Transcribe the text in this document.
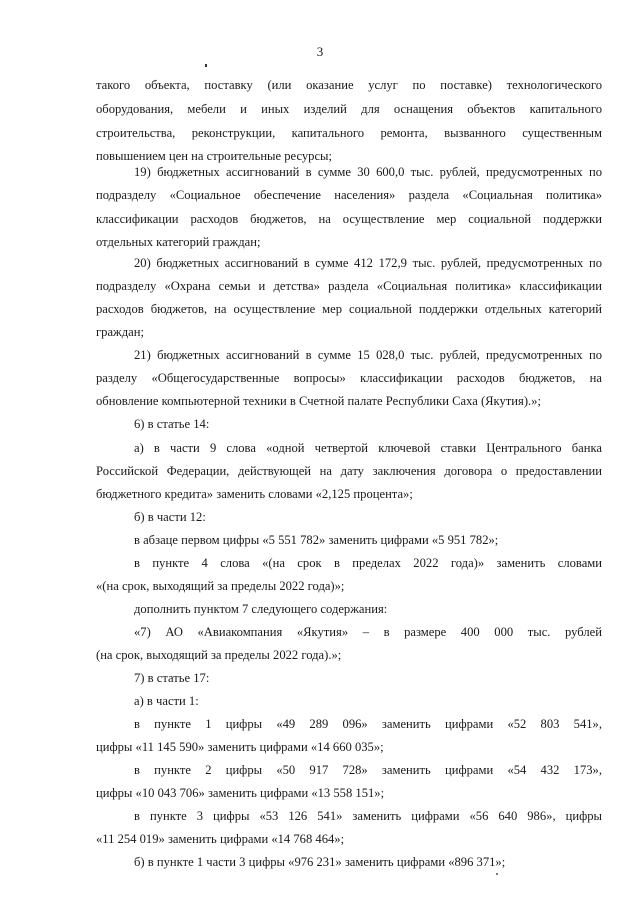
3
такого объекта, поставку (или оказание услуг по поставке) технологического
оборудования, мебели и иных изделий для оснащения объектов капитального
строительства, реконструкции, капитального ремонта, вызванного существенным
повышением цен на строительные ресурсы;
19) бюджетных ассигнований в сумме 30 600,0 тыс. рублей, предусмотренных по
подразделу «Социальное обеспечение населения» раздела «Социальная политика»
классификации расходов бюджетов, на осуществление мер социальной поддержки
отдельных категорий граждан;
20) бюджетных ассигнований в сумме 412 172,9 тыс. рублей, предусмотренных по
подразделу «Охрана семьи и детства» раздела «Социальная политика» классификации
расходов бюджетов, на осуществление мер социальной поддержки отдельных категорий
граждан;
21) бюджетных ассигнований в сумме 15 028,0 тыс. рублей, предусмотренных по
разделу «Общегосударственные вопросы» классификации расходов бюджетов, на
обновление компьютерной техники в Счетной палате Республики Саха (Якутия).»;
6) в статье 14:
а) в части 9 слова «одной четвертой ключевой ставки Центрального банка
Российской Федерации, действующей на дату заключения договора о предоставлении
бюджетного кредита» заменить словами «2,125 процента»;
б) в части 12:
в абзаце первом цифры «5 551 782» заменить цифрами «5 951 782»;
в пункте 4 слова «(на срок в пределах 2022 года)» заменить словами
«(на срок, выходящий за пределы 2022 года)»;
дополнить пунктом 7 следующего содержания:
«7) АО «Авиакомпания «Якутия» – в размере 400 000 тыс. рублей
(на срок, выходящий за пределы 2022 года).»;
7) в статье 17:
а) в части 1:
в пункте 1 цифры «49 289 096» заменить цифрами «52 803 541»,
цифры «11 145 590» заменить цифрами «14 660 035»;
в пункте 2 цифры «50 917 728» заменить цифрами «54 432 173»,
цифры «10 043 706» заменить цифрами «13 558 151»;
в пункте 3 цифры «53 126 541» заменить цифрами «56 640 986», цифры
«11 254 019» заменить цифрами «14 768 464»;
б) в пункте 1 части 3 цифры «976 231» заменить цифрами «896 371»;
